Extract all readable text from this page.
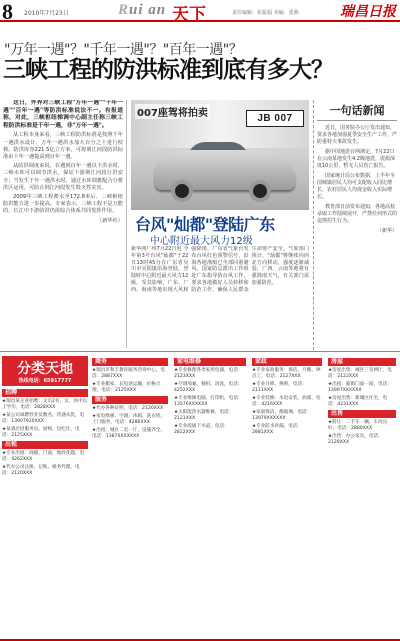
8 2010年7月23日	Rui an 天下	责任编辑：张振福 美编：张燕	瑞昌日报
"万年一遇"？"千年一遇"？"百年一遇"？
三峡工程的防洪标准到底有多大？

这日，外界对三峡工程"万年一遇""千年一遇""百年一遇"等防洪标准说法不一。有报道称，对此，三峡枢纽梯调中心副主任称三峡工程防洪标准是千年一遇，非"万年一遇"。

从工程本身来看，三峡工程防洪标准是按照千年一遇洪水设计，万年一遇洪水加大百分之十进行校核。防洪库容221.5亿立方米，可将荆江河段防洪标准由十年一遇提高到百年一遇。

从防洪调度来说，在遇到百年一遇以下洪水时，三峡水库可以调节洪水，保证下游荆江河段行洪安全；当发生千年一遇洪水时，通过水库调蓄配合分蓄洪区运用，可防止荆江河段发生毁灭性灾害。

2009年三峡工程蓄水至172.8米后，三峡枢纽防洪能力进一步提高。专家表示，三峡工程不是万能的，长江中下游防洪仍需综合体系共同发挥作用。

（新华社）
JB 007
007座驾将拍卖
台风"灿都"登陆广东
中心附近最大风力12级
新华网广州7月22日电 今年第3号台风"灿都"于22日13时45分在广东省吴川市吴阳镇沿海登陆，登陆时中心附近最大风力12级。受其影响，广东、广西、海南等地出现大风和强降雨。广东省气象台发布台风红色预警信号，沿海各地渔船已全部回港避风。国家防总派出工作组赴广东指导防台风工作，要求各地做好人员转移和防范工作，确保人民群众生命财产安全。气象部门预计，"灿都"将继续向西北方向移动，强度逐渐减弱，广西、云南等地将有强降雨天气，有关部门需加强防范。
一句话新闻

近日，国务院办公厅发出通知，要求各地加强夏季安全生产工作，严防重特大事故发生。

据中国地震台网测定，7月22日在云南某地发生4.2级地震，震源深度10公里，暂无人员伤亡报告。

国家统计局公布数据，上半年全国城镇居民人均可支配收入同比增长，农村居民人均现金收入实际增长。

教育部日前发布通知，各地高校录取工作陆续展开，严禁任何形式的违规招生行为。

（新华）

分类天地
热线电话：65917777
招聘

★瑞昌某企业招聘：文员2名，女，高中以上学历，电话：2828XXX

★某公司诚聘营业员数名，待遇从优，电话：13907920XXX

★某酒店招服务员、厨师，包吃住，电话：2125XXX

出租

★专业出租：商铺、门面，地段优越，电话：4262XXX

★代办公司注册、记账、税务代理，电话：2120XXX

商务

★瑞昌市和丰教育服务咨询中心，电话：2887XXX

★专业搬家，长短途运输，价格合理，电话：2125XXX

服务

★代办各种证照，电话：2126XXX

★家电维修：空调、冰箱、洗衣机，上门服务，电话：4286XXX

★出租：城区二室一厅，设施齐全，电话：13870XXXXXX

家电维修

★专业修理各类家用电器，电话：2123XXX

★空调加氟、移机、清洗，电话：4252XXX

★专业维修电脑、打印机，电话：13576XXXXXX

★太阳能热水器维修，电话：2121XXX

★专业疏通下水道，电话：2822XXX

家政

★专业家政服务：保洁、月嫂、钟点工，电话：2127XXX

★专业开锁、换锁，电话：2111XXX

★专业装修：水电安装、油漆，电话：4216XXX

★家庭保洁、擦玻璃，电话：13979XXXXXX

★专业防水补漏，电话：2881XXX

房屋

★房屋出售：城区三室两厅，电话：2122XXX

★出租：临街门面一间，电话：13907XXXXXX

★房屋出售：新城区住宅，电话：4231XXX

出售

★转让：二手车一辆，车况良好，电话：2880XXX

★出售：办公家具，电话：2129XXX
